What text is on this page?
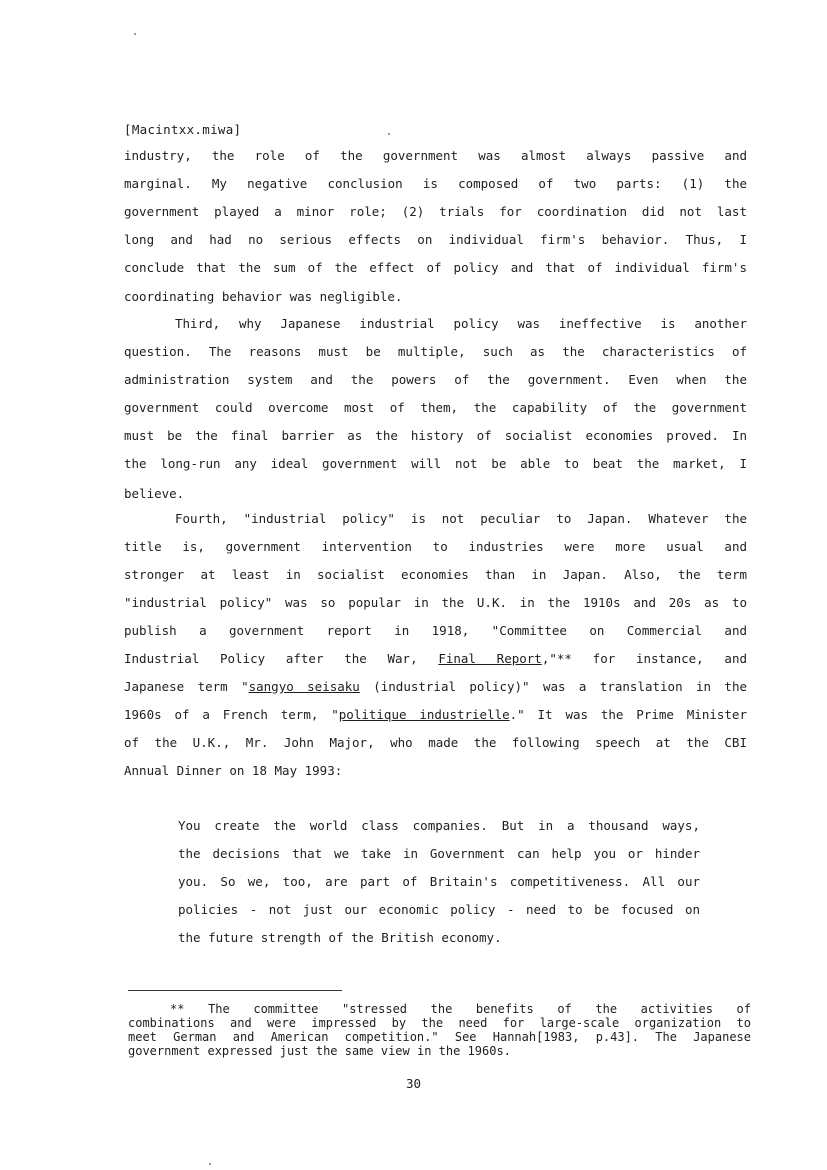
[Macintxx.miwa]
industry, the role of the government was almost always passive and
marginal. My negative conclusion is composed of two parts: (1) the
government played a minor role; (2) trials for coordination did not last
long and had no serious effects on individual firm's behavior. Thus, I
conclude that the sum of the effect of policy and that of individual firm's
coordinating behavior was negligible.
Third, why Japanese industrial policy was ineffective is another
question. The reasons must be multiple, such as the characteristics of
administration system and the powers of the government. Even when the
government could overcome most of them, the capability of the government
must be the final barrier as the history of socialist economies proved. In
the long-run any ideal government will not be able to beat the market, I
believe.
Fourth, "industrial policy" is not peculiar to Japan. Whatever the
title is, government intervention to industries were more usual and
stronger at least in socialist economies than in Japan. Also, the term
"industrial policy" was so popular in the U.K. in the 1910s and 20s as to
publish a government report in 1918, "Committee on Commercial and
Industrial Policy after the War, Final Report,"** for instance, and
Japanese term "sangyo seisaku (industrial policy)" was a translation in the
1960s of a French term, "politique industrielle." It was the Prime Minister
of the U.K., Mr. John Major, who made the following speech at the CBI
Annual Dinner on 18 May 1993:
You create the world class companies. But in a thousand ways,
the decisions that we take in Government can help you or hinder
you. So we, too, are part of Britain's competitiveness. All our
policies - not just our economic policy - need to be focused on
the future strength of the British economy.
** The committee "stressed the benefits of the activities of
combinations and were impressed by the need for large-scale organization to
meet German and American competition." See Hannah[1983, p.43]. The Japanese
government expressed just the same view in the 1960s.
30
